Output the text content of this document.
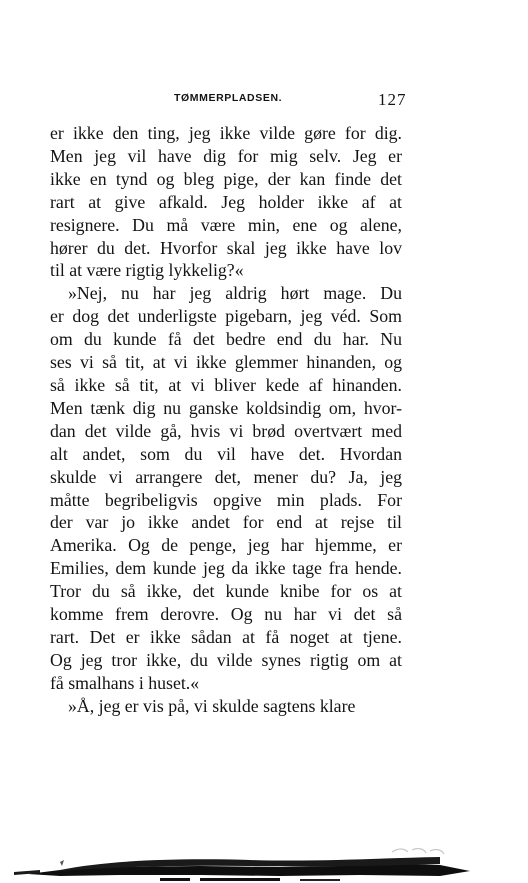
TØMMERPLADSEN.	127
er ikke den ting, jeg ikke vilde gøre for dig.
Men jeg vil have dig for mig selv. Jeg er
ikke en tynd og bleg pige, der kan finde det
rart at give afkald. Jeg holder ikke af at
resignere. Du må være min, ene og alene,
hører du det. Hvorfor skal jeg ikke have lov
til at være rigtig lykkelig?«
»Nej, nu har jeg aldrig hørt mage. Du
er dog det underligste pigebarn, jeg véd. Som
om du kunde få det bedre end du har. Nu
ses vi så tit, at vi ikke glemmer hinanden, og
så ikke så tit, at vi bliver kede af hinanden.
Men tænk dig nu ganske koldsindig om, hvor-
dan det vilde gå, hvis vi brød overtvært med
alt andet, som du vil have det. Hvordan
skulde vi arrangere det, mener du? Ja, jeg
måtte begribeligvis opgive min plads. For
der var jo ikke andet for end at rejse til
Amerika. Og de penge, jeg har hjemme, er
Emilies, dem kunde jeg da ikke tage fra hende.
Tror du så ikke, det kunde knibe for os at
komme frem derovre. Og nu har vi det så
rart. Det er ikke sådan at få noget at tjene.
Og jeg tror ikke, du vilde synes rigtig om at
få smalhans i huset.«
»Å, jeg er vis på, vi skulde sagtens klare
